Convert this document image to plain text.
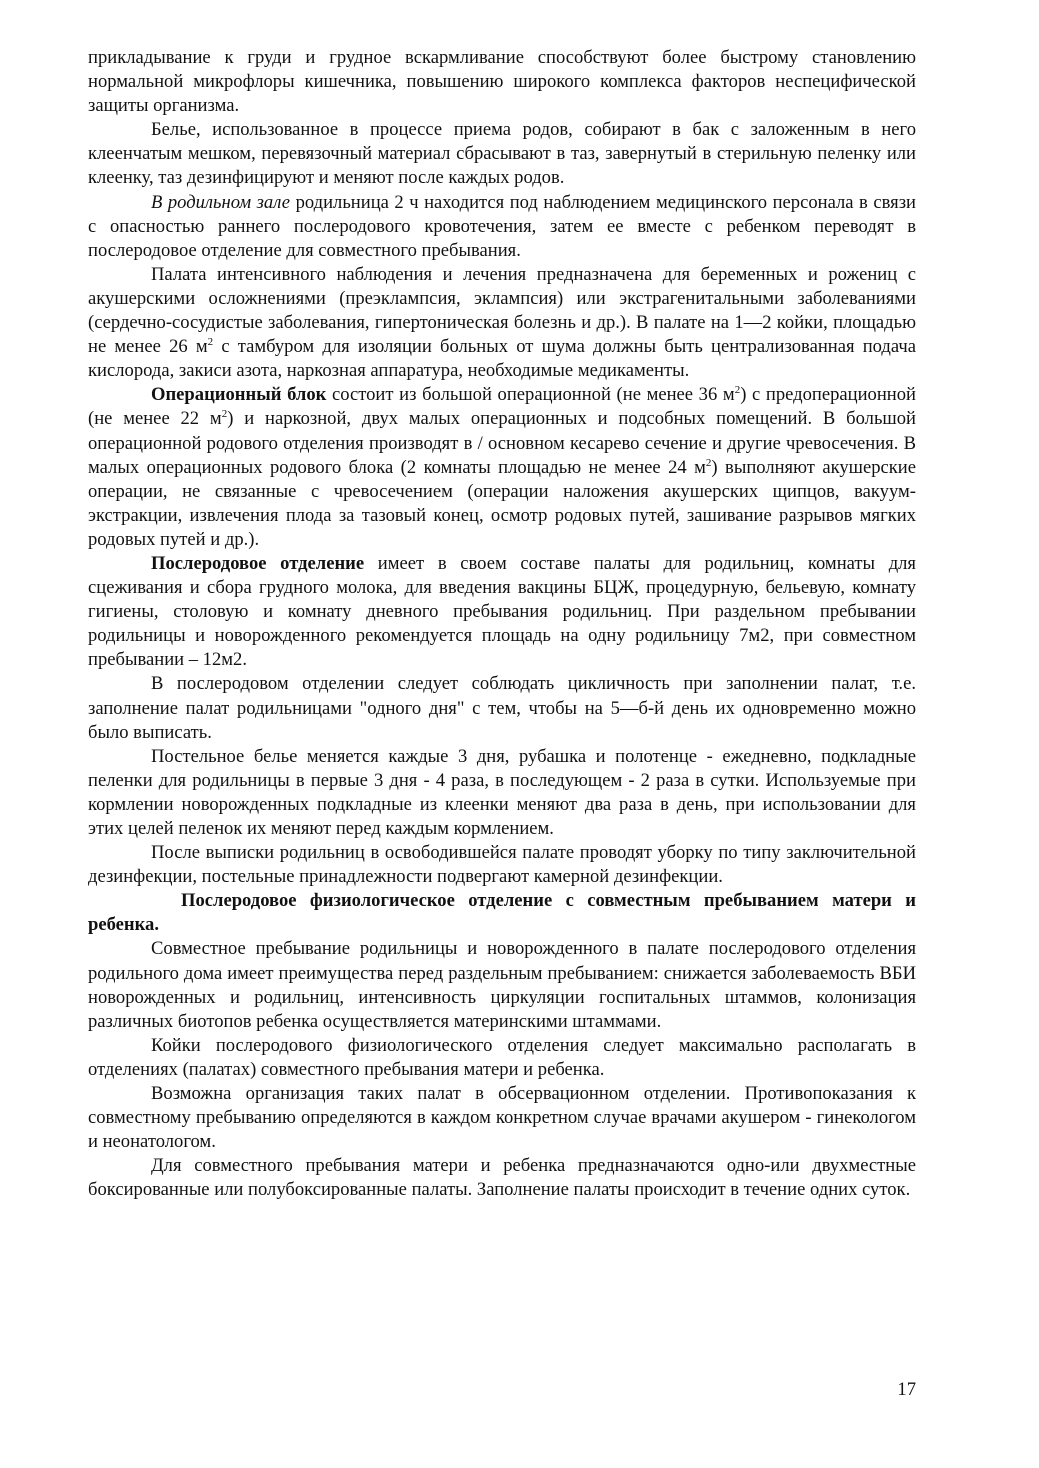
прикладывание к груди и грудное вскармливание способствуют более быстрому становлению нормальной микрофлоры кишечника, повышению широкого комплекса факторов неспецифической защиты организма.

Белье, использованное в процессе приема родов, собирают в бак с заложенным в него клеенчатым мешком, перевязочный материал сбрасывают в таз, завернутый в стерильную пеленку или клеенку, таз дезинфицируют и меняют после каждых родов.

В родильном зале родильница 2 ч находится под наблюдением медицинского персонала в связи с опасностью раннего послеродового кровотечения, затем ее вместе с ребенком переводят в послеродовое отделение для совместного пребывания.

Палата интенсивного наблюдения и лечения предназначена для беременных и рожениц с акушерскими осложнениями (преэклампсия, эклампсия) или экстрагенитальными заболеваниями (сердечно-сосудистые заболевания, гипертоническая болезнь и др.). В палате на 1—2 койки, площадью не менее 26 $м^2$ с тамбуром для изоляции больных от шума должны быть централизованная подача кислорода, закиси азота, наркозная аппаратура, необходимые медикаменты.

Операционный блок состоит из большой операционной (не менее 36 $м^2$) с предоперационной (не менее 22 $м^2$) и наркозной, двух малых операционных и подсобных помещений. В большой операционной родового отделения производят в / основном кесарево сечение и другие чревосечения. В малых операционных родового блока (2 комнаты площадью не менее 24 $м^2$) выполняют акушерские операции, не связанные с чревосечением (операции наложения акушерских щипцов, вакуум-экстракции, извлечения плода за тазовый конец, осмотр родовых путей, зашивание разрывов мягких родовых путей и др.).

Послеродовое отделение имеет в своем составе палаты для родильниц, комнаты для сцеживания и сбора грудного молока, для введения вакцины БЦЖ, процедурную, бельевую, комнату гигиены, столовую и комнату дневного пребывания родильниц. При раздельном пребывании родильницы и новорожденного рекомендуется площадь на одну родильницу 7м2, при совместном пребывании – 12м2.

В послеродовом отделении следует соблюдать цикличность при заполнении палат, т.е. заполнение палат родильницами "одного дня" с тем, чтобы на 5—б-й день их одновременно можно было выписать.

Постельное белье меняется каждые 3 дня, рубашка и полотенце - ежедневно, подкладные пеленки для родильницы в первые 3 дня - 4 раза, в последующем - 2 раза в сутки. Используемые при кормлении новорожденных подкладные из клеенки меняют два раза в день, при использовании для этих целей пеленок их меняют перед каждым кормлением.

После выписки родильниц в освободившейся палате проводят уборку по типу заключительной дезинфекции, постельные принадлежности подвергают камерной дезинфекции.

Послеродовое физиологическое отделение с совместным пребыванием матери и ребенка.

Совместное пребывание родильницы и новорожденного в палате послеродового отделения родильного дома имеет преимущества перед раздельным пребыванием: снижается заболеваемость ВБИ новорожденных и родильниц, интенсивность циркуляции госпитальных штаммов, колонизация различных биотопов ребенка осуществляется материнскими штаммами.

Койки послеродового физиологического отделения следует максимально располагать в отделениях (палатах) совместного пребывания матери и ребенка.

Возможна организация таких палат в обсервационном отделении. Противопоказания к совместному пребыванию определяются в каждом конкретном случае врачами акушером - гинекологом и неонатологом.

Для совместного пребывания матери и ребенка предназначаются одно-или двухместные боксированные или полубоксированные палаты. Заполнение палаты происходит в течение одних суток.

17
